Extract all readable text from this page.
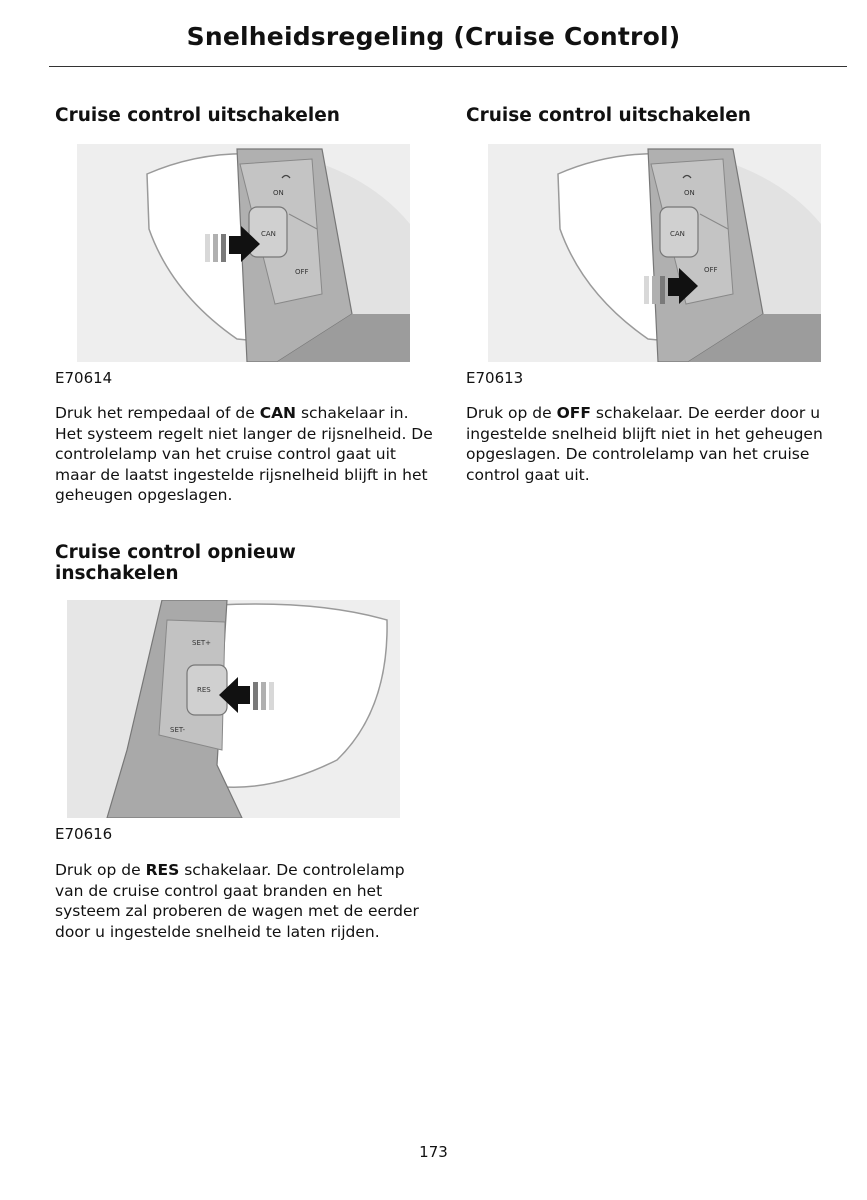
Snelheidsregeling (Cruise Control)
Cruise control uitschakelen
ON
CAN
OFF
E70614

Druk het rempedaal of de CAN schakelaar in. Het systeem regelt niet langer de rijsnelheid. De controlelamp van het cruise control gaat uit maar de laatst ingestelde rijsnelheid blijft in het geheugen opgeslagen.

Cruise control opnieuw inschakelen
SET+
RES
SET-
E70616

Druk op de RES schakelaar. De controlelamp van de cruise control gaat branden en het systeem zal proberen de wagen met de eerder door u ingestelde snelheid te laten rijden.

Cruise control uitschakelen
ON
CAN
OFF
E70613

Druk op de OFF schakelaar. De eerder door u ingestelde snelheid blijft niet in het geheugen opgeslagen. De controlelamp van het cruise control gaat uit.

173
